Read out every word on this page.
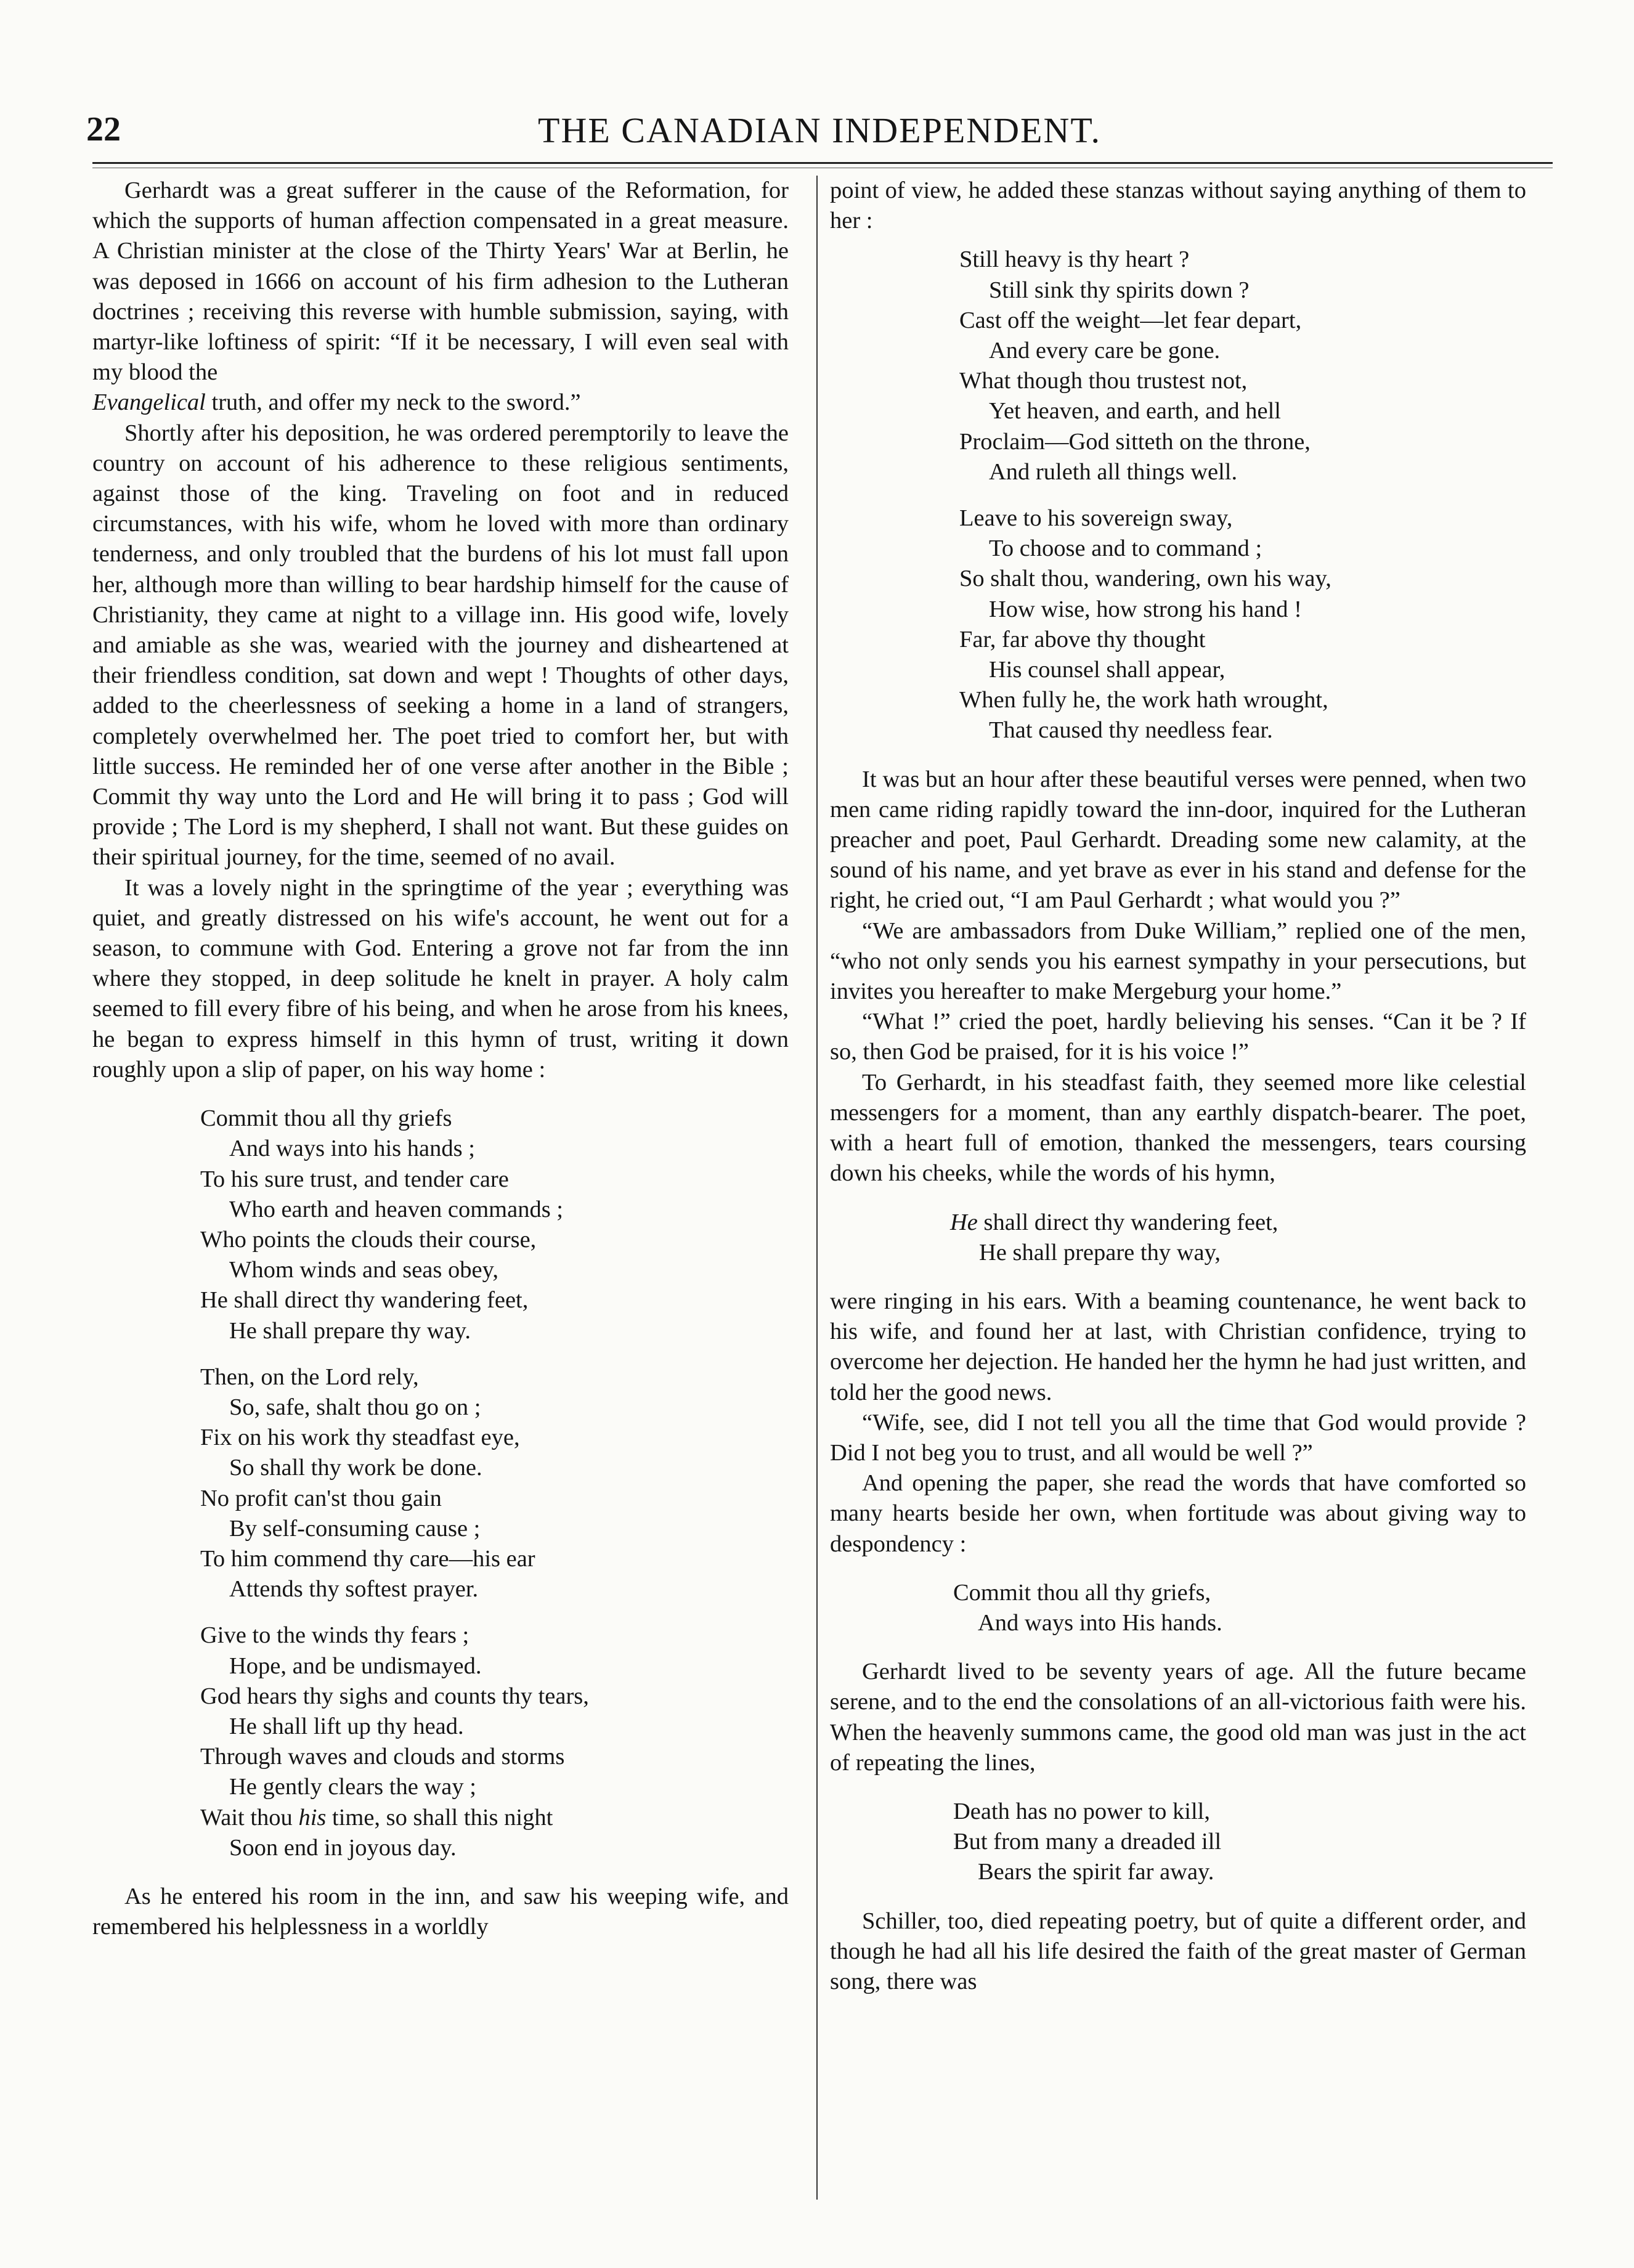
22	THE CANADIAN INDEPENDENT.

Gerhardt was a great sufferer in the cause of the Reformation, for which the supports of human affection compensated in a great measure. A Christian minister at the close of the Thirty Years' War at Berlin, he was deposed in 1666 on account of his firm adhesion to the Lutheran doctrines ; receiving this reverse with humble submission, saying, with martyr-like loftiness of spirit: “If it be necessary, I will even seal with my blood the
Evangelical truth, and offer my neck to the sword.”

Shortly after his deposition, he was ordered peremptorily to leave the country on account of his adherence to these religious sentiments, against those of the king. Traveling on foot and in reduced circumstances, with his wife, whom he loved with more than ordinary tenderness, and only troubled that the burdens of his lot must fall upon her, although more than willing to bear hardship himself for the cause of Christianity, they came at night to a village inn. His good wife, lovely and amiable as she was, wearied with the journey and disheartened at their friendless condition, sat down and wept ! Thoughts of other days, added to the cheerlessness of seeking a home in a land of strangers, completely overwhelmed her. The poet tried to comfort her, but with little success. He reminded her of one verse after another in the Bible ; Commit thy way unto the Lord and He will bring it to pass ; God will provide ; The Lord is my shepherd, I shall not want. But these guides on their spiritual journey, for the time, seemed of no avail.

It was a lovely night in the springtime of the year ; everything was quiet, and greatly distressed on his wife's account, he went out for a season, to commune with God. Entering a grove not far from the inn where they stopped, in deep solitude he knelt in prayer. A holy calm seemed to fill every fibre of his being, and when he arose from his knees, he began to express himself in this hymn of trust, writing it down roughly upon a slip of paper, on his way home :

Commit thou all thy griefs
And ways into his hands ;
To his sure trust, and tender care
Who earth and heaven commands ;
Who points the clouds their course,
Whom winds and seas obey,
He shall direct thy wandering feet,
He shall prepare thy way.
Then, on the Lord rely,
So, safe, shalt thou go on ;
Fix on his work thy steadfast eye,
So shall thy work be done.
No profit can'st thou gain
By self-consuming cause ;
To him commend thy care—his ear
Attends thy softest prayer.
Give to the winds thy fears ;
Hope, and be undismayed.
God hears thy sighs and counts thy tears,
He shall lift up thy head.
Through waves and clouds and storms
He gently clears the way ;
Wait thou his time, so shall this night
Soon end in joyous day.

As he entered his room in the inn, and saw his weeping wife, and remembered his helplessness in a worldly

point of view, he added these stanzas without saying anything of them to her :

Still heavy is thy heart ?
Still sink thy spirits down ?
Cast off the weight—let fear depart,
And every care be gone.
What though thou trustest not,
Yet heaven, and earth, and hell
Proclaim—God sitteth on the throne,
And ruleth all things well.
Leave to his sovereign sway,
To choose and to command ;
So shalt thou, wandering, own his way,
How wise, how strong his hand !
Far, far above thy thought
His counsel shall appear,
When fully he, the work hath wrought,
That caused thy needless fear.

It was but an hour after these beautiful verses were penned, when two men came riding rapidly toward the inn-door, inquired for the Lutheran preacher and poet, Paul Gerhardt. Dreading some new calamity, at the sound of his name, and yet brave as ever in his stand and defense for the right, he cried out, “I am Paul Gerhardt ; what would you ?”

“We are ambassadors from Duke William,” replied one of the men, “who not only sends you his earnest sympathy in your persecutions, but invites you hereafter to make Mergeburg your home.”

“What !” cried the poet, hardly believing his senses. “Can it be ? If so, then God be praised, for it is his voice !”

To Gerhardt, in his steadfast faith, they seemed more like celestial messengers for a moment, than any earthly dispatch-bearer. The poet, with a heart full of emotion, thanked the messengers, tears coursing down his cheeks, while the words of his hymn,

He shall direct thy wandering feet,
He shall prepare thy way,

were ringing in his ears. With a beaming countenance, he went back to his wife, and found her at last, with Christian confidence, trying to overcome her dejection. He handed her the hymn he had just written, and told her the good news.

“Wife, see, did I not tell you all the time that God would provide ? Did I not beg you to trust, and all would be well ?”

And opening the paper, she read the words that have comforted so many hearts beside her own, when fortitude was about giving way to despondency :

Commit thou all thy griefs,
And ways into His hands.

Gerhardt lived to be seventy years of age. All the future became serene, and to the end the consolations of an all-victorious faith were his. When the heavenly summons came, the good old man was just in the act of repeating the lines,

Death has no power to kill,
But from many a dreaded ill
Bears the spirit far away.

Schiller, too, died repeating poetry, but of quite a different order, and though he had all his life desired the faith of the great master of German song, there was
